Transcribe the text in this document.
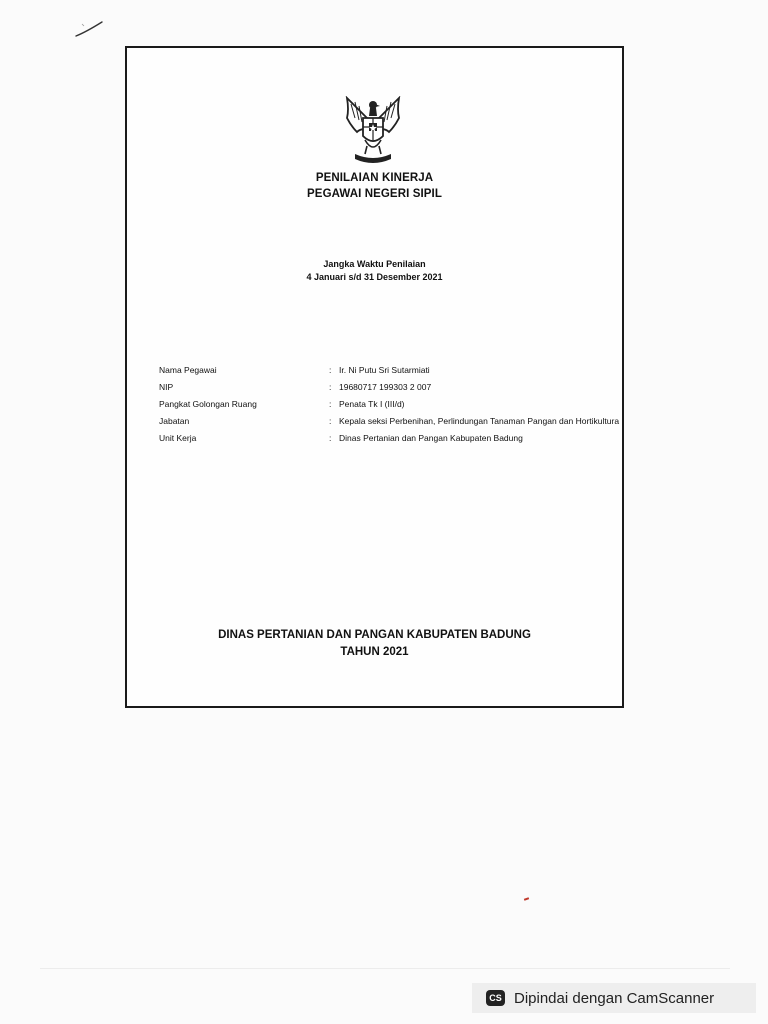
PENILAIAN KINERJA
PEGAWAI NEGERI SIPIL
Jangka Waktu Penilaian
4 Januari s/d 31 Desember 2021
Nama Pegawai	: Ir. Ni Putu Sri Sutarmiati
NIP	: 19680717 199303 2 007
Pangkat Golongan Ruang	: Penata Tk I (III/d)
Jabatan	: Kepala seksi Perbenihan, Perlindungan Tanaman Pangan dan Hortikultura
Unit Kerja	: Dinas Pertanian dan Pangan Kabupaten Badung
DINAS PERTANIAN DAN PANGAN KABUPATEN BADUNG
TAHUN 2021
CS Dipindai dengan CamScanner
